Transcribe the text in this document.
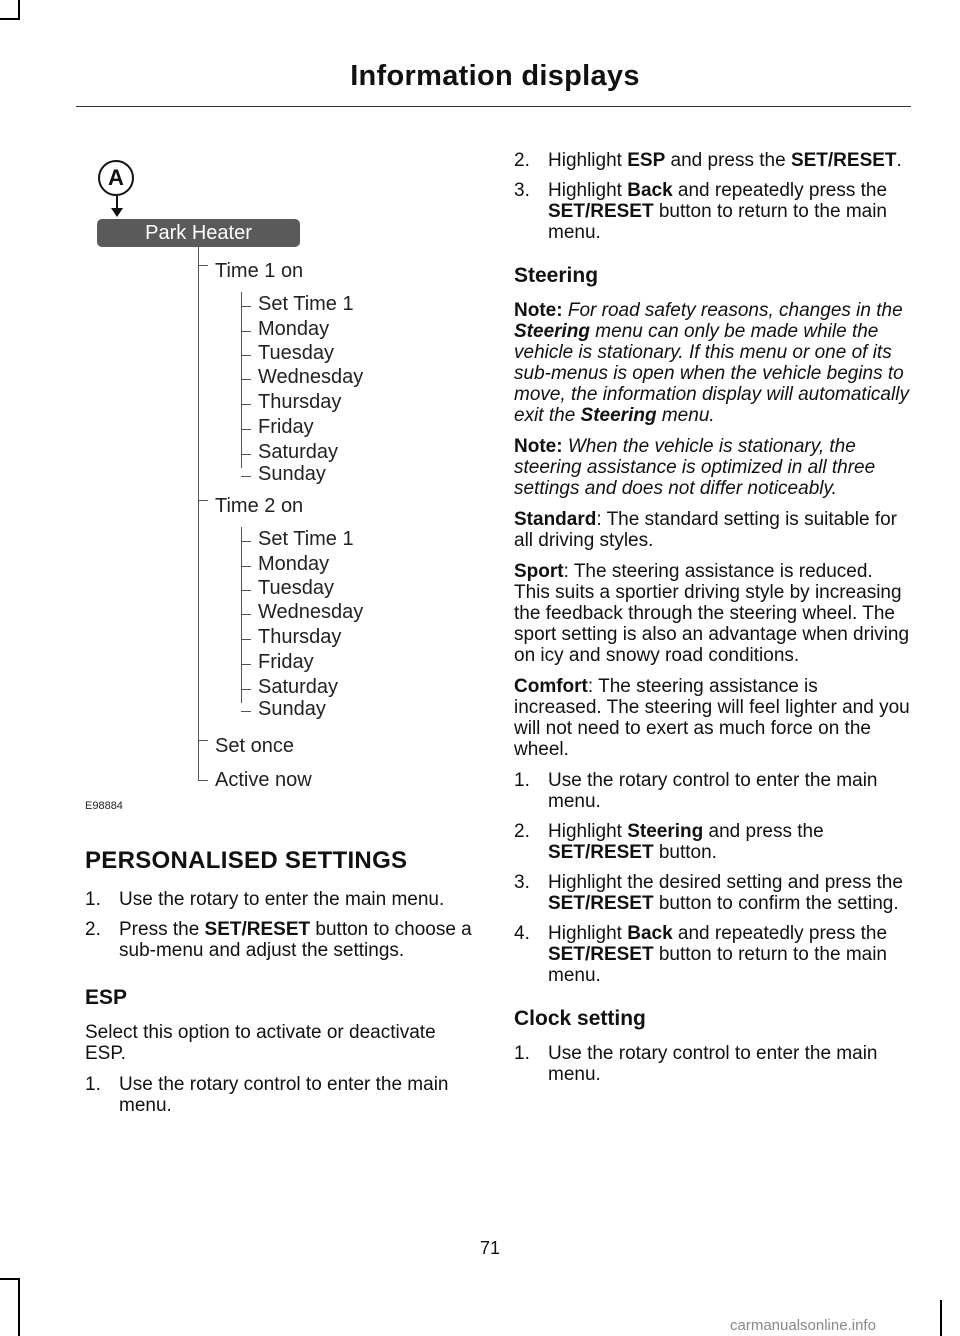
Information displays
A
Park Heater
Time 1 on
Set Time 1
Monday
Tuesday
Wednesday
Thursday
Friday
Saturday
Sunday
Time 2 on
Set Time 1
Monday
Tuesday
Wednesday
Thursday
Friday
Saturday
Sunday
Set once
Active now
E98884
PERSONALISED SETTINGS
1. Use the rotary to enter the main menu.
2. Press the SET/RESET button to choose a sub-menu and adjust the settings.
ESP

Select this option to activate or deactivate ESP.

1. Use the rotary control to enter the main menu.
2. Highlight ESP and press the SET/RESET.
3. Highlight Back and repeatedly press the SET/RESET button to return to the main menu.
Steering

Note: For road safety reasons, changes in the Steering menu can only be made while the vehicle is stationary. If this menu or one of its sub-menus is open when the vehicle begins to move, the information display will automatically exit the Steering menu.

Note: When the vehicle is stationary, the steering assistance is optimized in all three settings and does not differ noticeably.

Standard: The standard setting is suitable for all driving styles.

Sport: The steering assistance is reduced. This suits a sportier driving style by increasing the feedback through the steering wheel. The sport setting is also an advantage when driving on icy and snowy road conditions.

Comfort: The steering assistance is increased. The steering will feel lighter and you will not need to exert as much force on the wheel.

1. Use the rotary control to enter the main menu.
2. Highlight Steering and press the SET/RESET button.
3. Highlight the desired setting and press the SET/RESET button to confirm the setting.
4. Highlight Back and repeatedly press the SET/RESET button to return to the main menu.
Clock setting
1. Use the rotary control to enter the main menu.
71
carmanualsonline.info
